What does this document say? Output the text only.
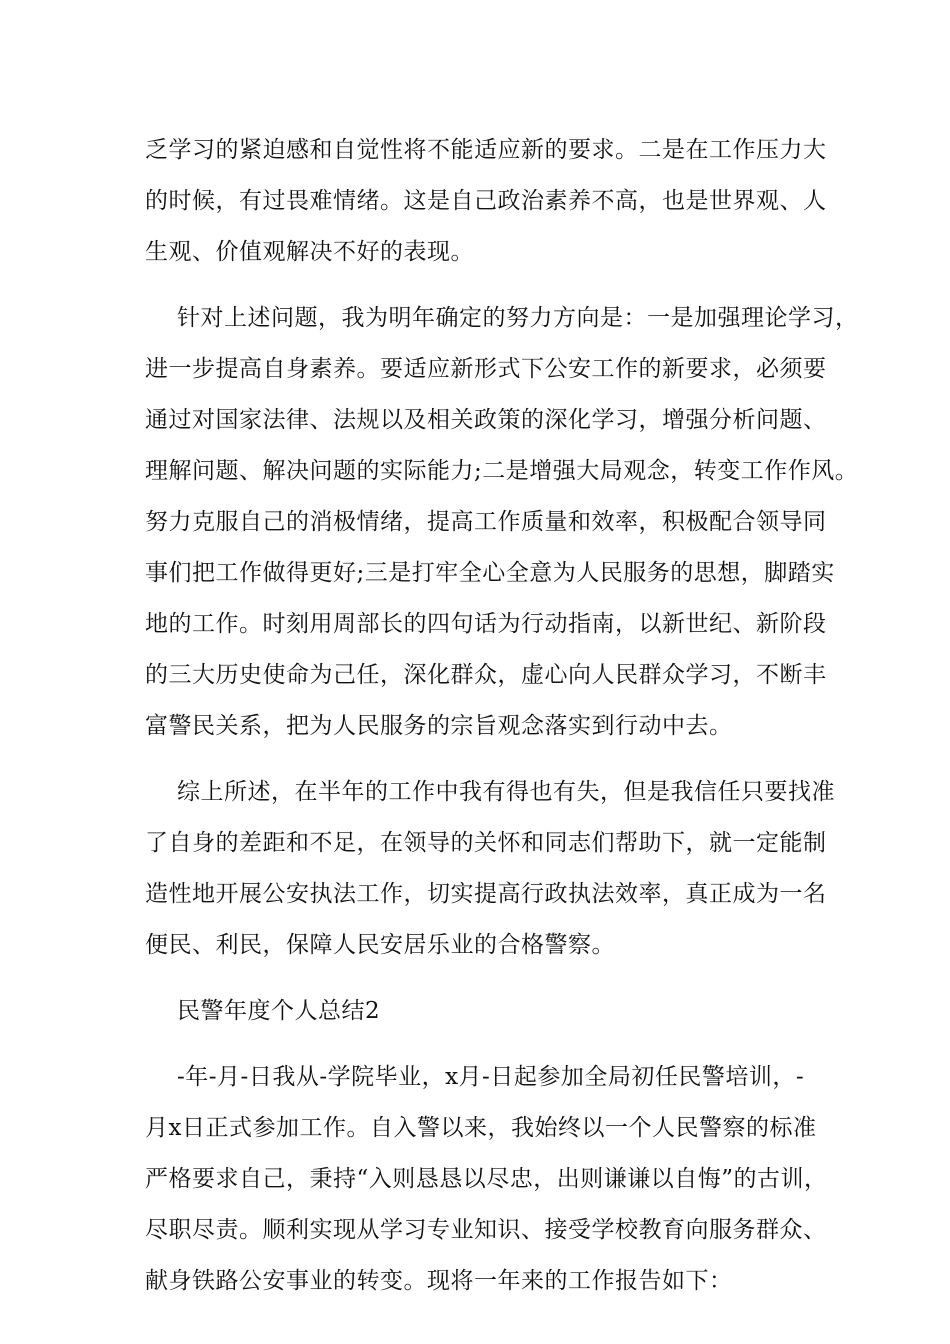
乏学习的紧迫感和自觉性将不能适应新的要求。二是在工作压力大
的时候，有过畏难情绪。这是自己政治素养不高，也是世界观、人
生观、价值观解决不好的表现。
针对上述问题，我为明年确定的努力方向是：一是加强理论学习，
进一步提高自身素养。要适应新形式下公安工作的新要求，必须要
通过对国家法律、法规以及相关政策的深化学习，增强分析问题、
理解问题、解决问题的实际能力;二是增强大局观念，转变工作作风。
努力克服自己的消极情绪，提高工作质量和效率，积极配合领导同
事们把工作做得更好;三是打牢全心全意为人民服务的思想，脚踏实
地的工作。时刻用周部长的四句话为行动指南，以新世纪、新阶段
的三大历史使命为己任，深化群众，虚心向人民群众学习，不断丰
富警民关系，把为人民服务的宗旨观念落实到行动中去。
综上所述，在半年的工作中我有得也有失，但是我信任只要找准
了自身的差距和不足，在领导的关怀和同志们帮助下，就一定能制
造性地开展公安执法工作，切实提高行政执法效率，真正成为一名
便民、利民，保障人民安居乐业的合格警察。
民警年度个人总结2
-年-月-日我从-学院毕业，x月-日起参加全局初任民警培训，-
月x日正式参加工作。自入警以来，我始终以一个人民警察的标准
严格要求自己，秉持“入则恳恳以尽忠，出则谦谦以自悔”的古训，
尽职尽责。顺利实现从学习专业知识、接受学校教育向服务群众、
献身铁路公安事业的转变。现将一年来的工作报告如下：
